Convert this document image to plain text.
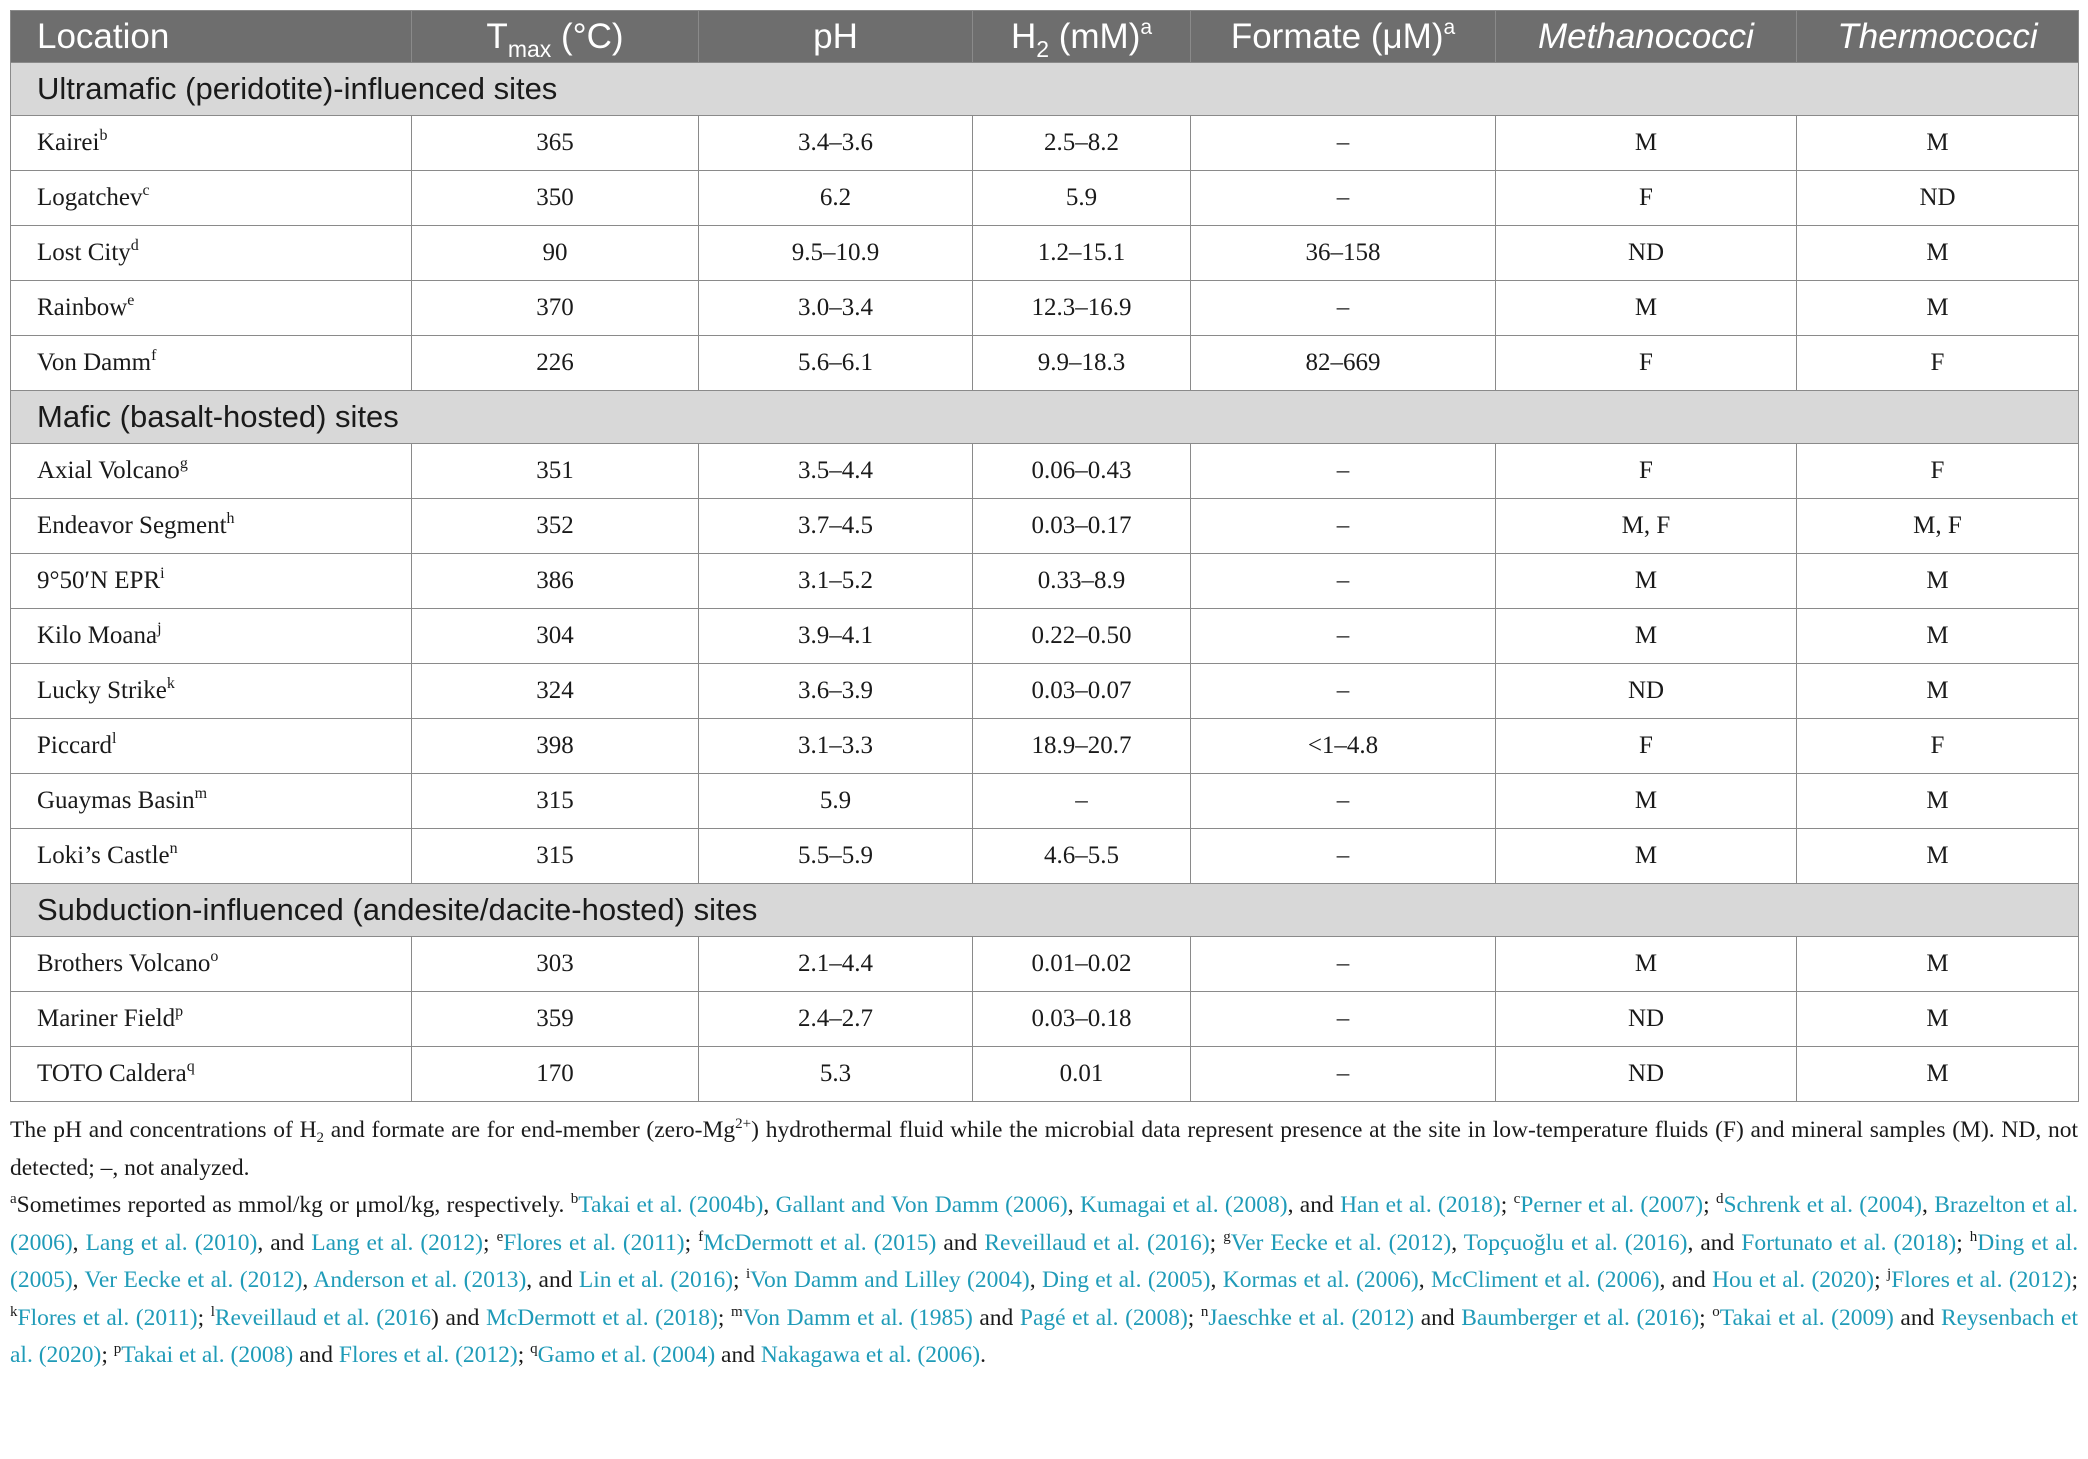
Location	$T_{max}$ (°C)	pH	$H_2$ (mM)$^a$	Formate $(\mu M)^a$	Methanococci	Thermococci
Ultramafic (peridotite)-influenced sites						
Kairei$^b$	365	3.4–3.6	2.5–8.2	–	M	M
Logatchev$^c$	350	6.2	5.9	–	F	ND
Lost City$^d$	90	9.5–10.9	1.2–15.1	36–158	ND	M
Rainbow$^e$	370	3.0–3.4	12.3–16.9	–	M	M
Von Damm$^f$	226	5.6–6.1	9.9–18.3	82–669	F	F
Mafic (basalt-hosted) sites						
Axial Volcano$^g$	351	3.5–4.4	0.06–0.43	–	F	F
Endeavor Segment$^h$	352	3.7–4.5	0.03–0.17	–	M, F	M, F
9°50′N EPR$^i$	386	3.1–5.2	0.33–8.9	–	M	M
Kilo Moana$^j$	304	3.9–4.1	0.22–0.50	–	M	M
Lucky Strike$^k$	324	3.6–3.9	0.03–0.07	–	ND	M
Piccard$^l$	398	3.1–3.3	18.9–20.7	<1–4.8	F	F
Guaymas Basin$^m$	315	5.9	–	–	M	M
Loki’s Castle$^n$	315	5.5–5.9	4.6–5.5	–	M	M
Subduction-influenced (andesite/dacite-hosted) sites						
Brothers Volcano$^o$	303	2.1–4.4	0.01–0.02	–	M	M
Mariner Field$^p$	359	2.4–2.7	0.03–0.18	–	ND	M
TOTO Caldera$^q$	170	5.3	0.01	–	ND	M

The pH and concentrations of $H_2$ and formate are for end-member $(zero-Mg^{2+})$ hydrothermal fluid while the microbial data represent presence at the site in low-temperature fluids (F) and mineral samples (M). ND, not detected; –, not analyzed.

$^a$Sometimes reported as mmol/kg or μmol/kg, respectively. $^b$Takai et al. (2004b), Gallant and Von Damm (2006), Kumagai et al. (2008), and Han et al. (2018); $^c$Perner et al. (2007); $^d$Schrenk et al. (2004), Brazelton et al. (2006), Lang et al. (2010), and Lang et al. (2012); $^e$Flores et al. (2011); $^f$McDermott et al. (2015) and Reveillaud et al. (2016); $^g$Ver Eecke et al. (2012), Topçuoğlu et al. (2016), and Fortunato et al. (2018); $^h$Ding et al. (2005), Ver Eecke et al. (2012), Anderson et al. (2013), and Lin et al. (2016); $^i$Von Damm and Lilley (2004), Ding et al. (2005), Kormas et al. (2006), McCliment et al. (2006), and Hou et al. (2020); $^j$Flores et al. (2012); $^k$Flores et al. (2011); $^l$Reveillaud et al. (2016) and McDermott et al. (2018); $^m$Von Damm et al. (1985) and Pagé et al. (2008); $^n$Jaeschke et al. (2012) and Baumberger et al. (2016); $^o$Takai et al. (2009) and Reysenbach et al. (2020); $^p$Takai et al. (2008) and Flores et al. (2012); $^q$Gamo et al. (2004) and Nakagawa et al. (2006).
